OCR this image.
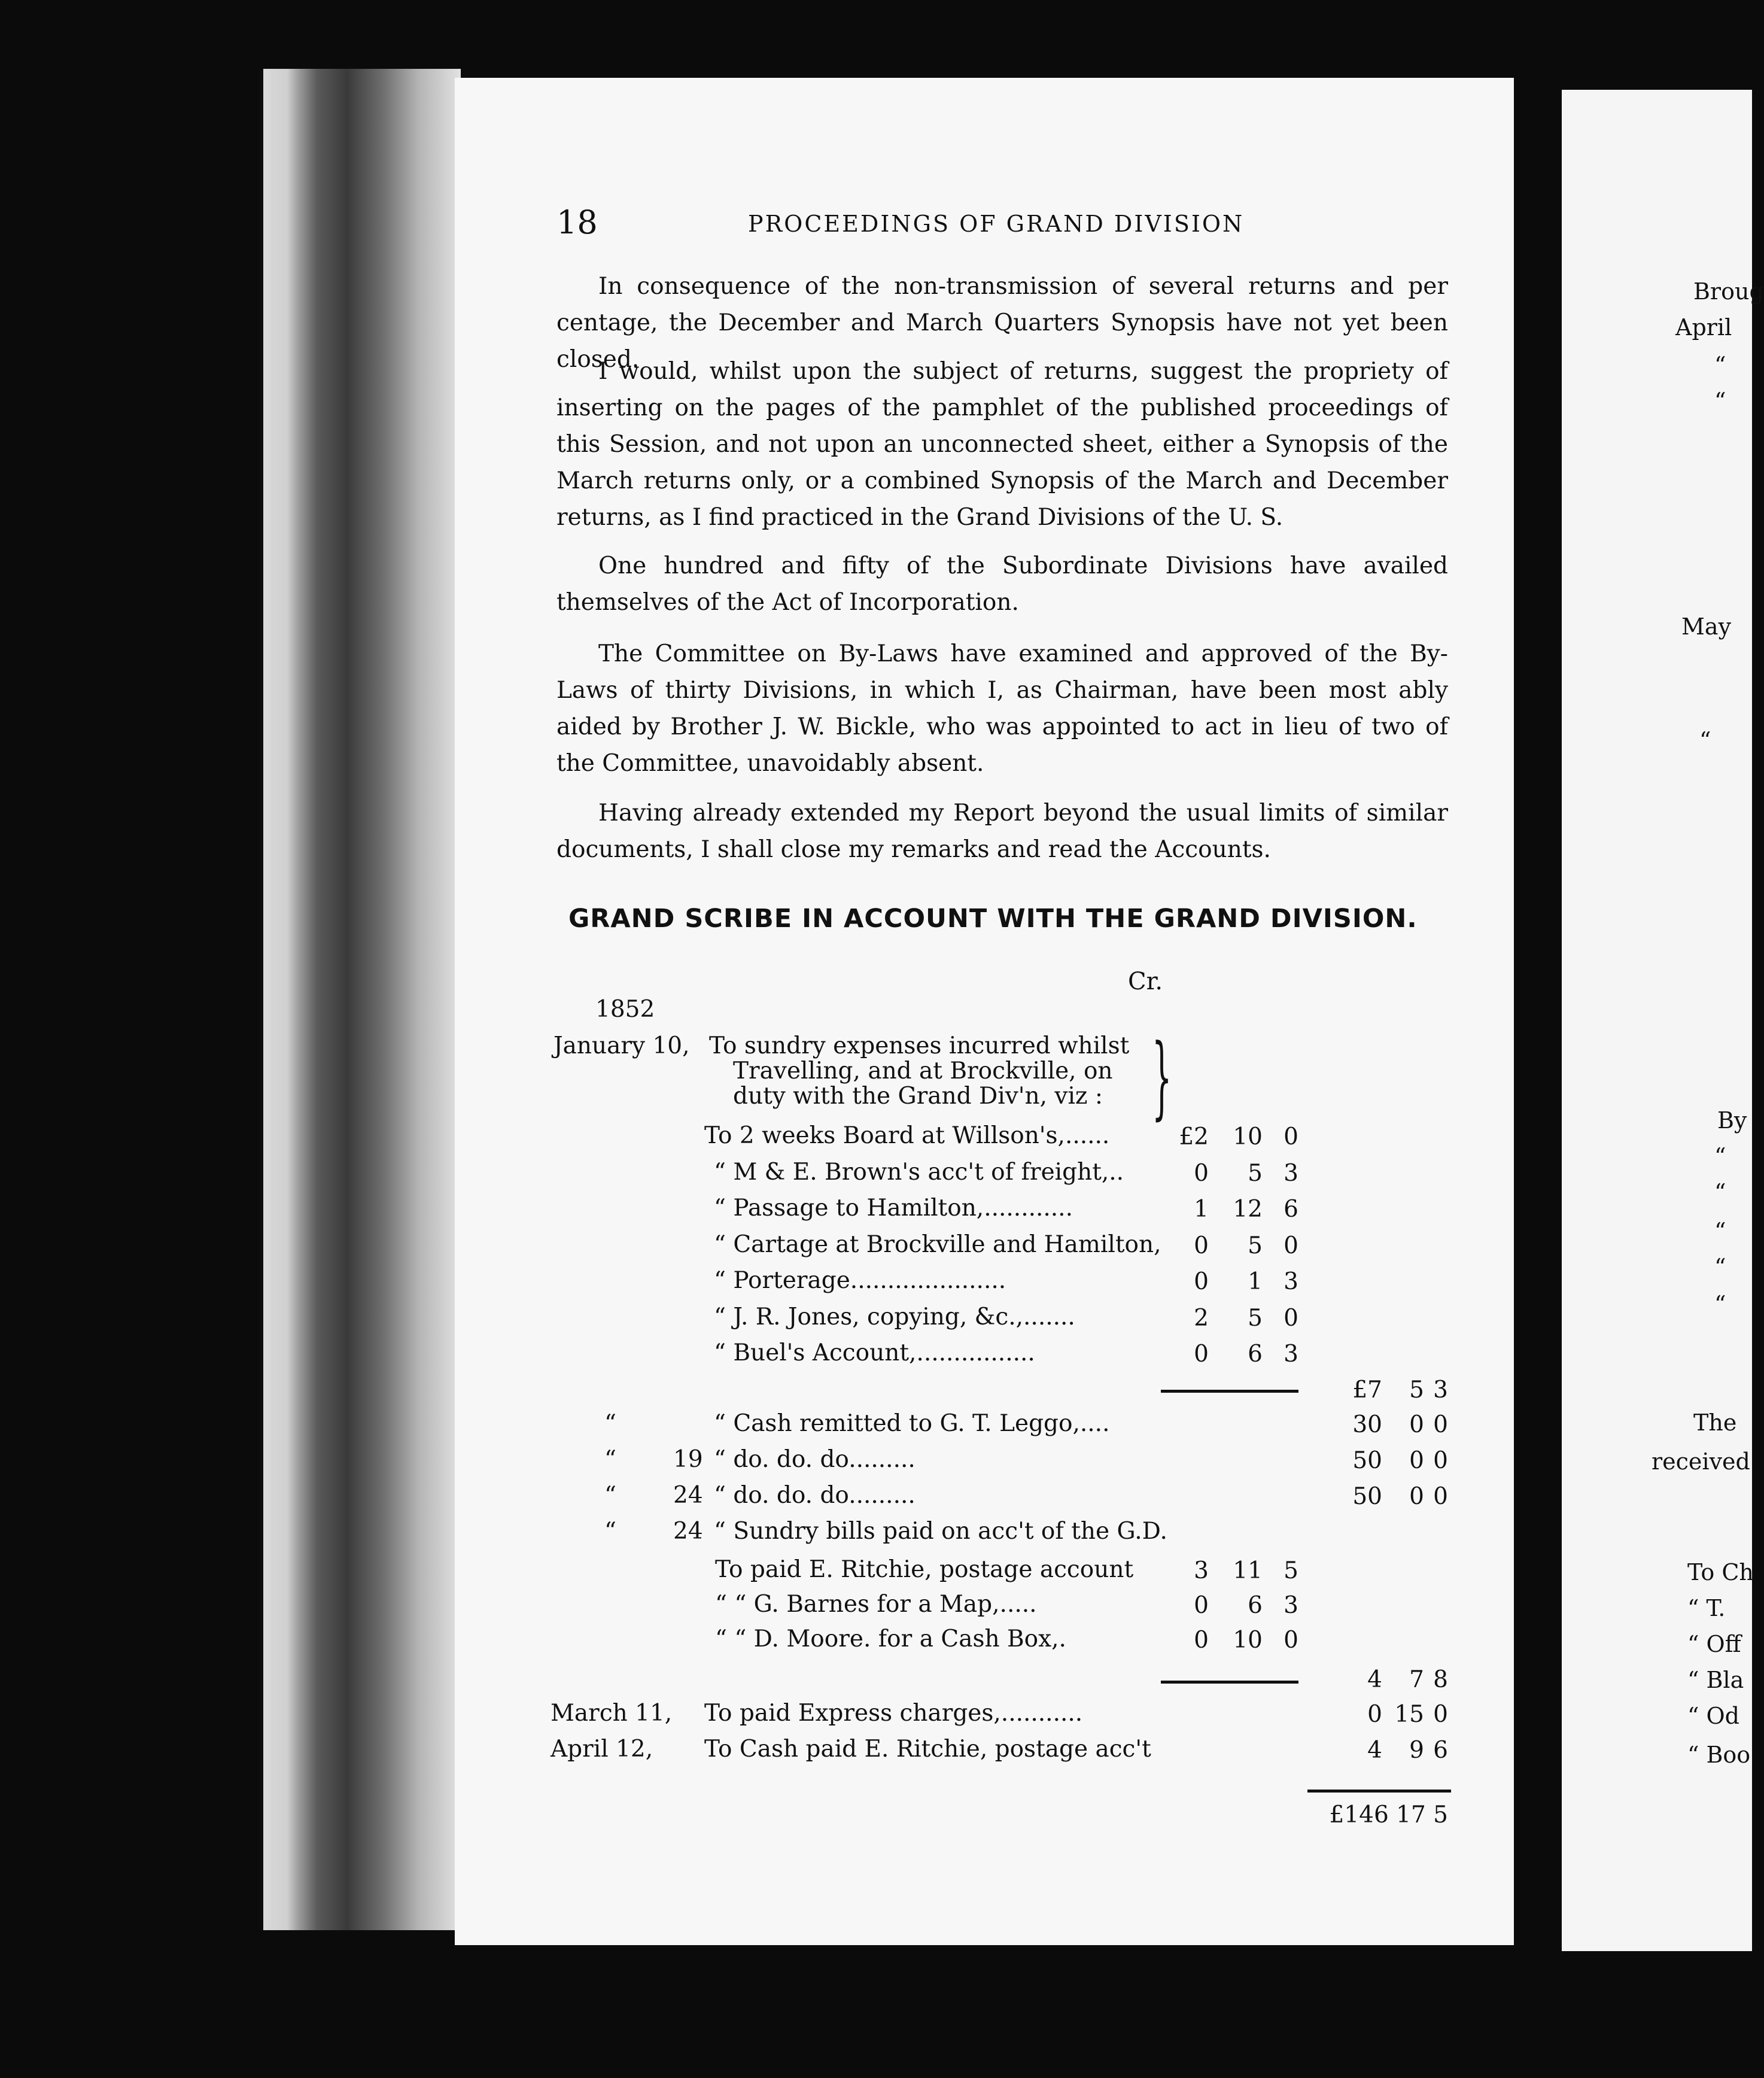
18	PROCEEDINGS OF GRAND DIVISION
In consequence of the non-transmission of several returns and per centage, the December and March Quarters Synopsis have not yet been closed.
I would, whilst upon the subject of returns, suggest the propriety of inserting on the pages of the pamphlet of the published proceedings of this Session, and not upon an unconnected sheet, either a Synopsis of the March returns only, or a combined Synopsis of the March and December returns, as I find practiced in the Grand Divisions of the U. S.
One hundred and fifty of the Subordinate Divisions have availed themselves of the Act of Incorporation.
The Committee on By-Laws have examined and approved of the By-Laws of thirty Divisions, in which I, as Chairman, have been most ably aided by Brother J. W. Bickle, who was appointed to act in lieu of two of the Committee, unavoidably absent.
Having already extended my Report beyond the usual limits of similar documents, I shall close my remarks and read the Accounts.
GRAND SCRIBE IN ACCOUNT WITH THE GRAND DIVISION.
Cr.
1852
January 10, To sundry expenses incurred whilst
Travelling, and at Brockville, on
duty with the Grand Div'n, viz : }
To 2 weeks Board at Willson's,......	£2	10 0
“ M & E. Brown's acc't of freight,..	0	5 3
“ Passage to Hamilton,............	1	12 6
“ Cartage at Brockville and Hamilton,	0	5 0
“ Porterage.....................	0	1 3
“ J. R. Jones, copying, &c.,.......	2	5 0
“ Buel's Account,................	0	6 3
£7	5 3
“	“ Cash remitted to G. T. Leggo,....	30	0 0
“ 19 “ do. do. do.........	50	0 0
“ 24 “ do. do. do.........	50	0 0
“ 24 “ Sundry bills paid on acc't of the G.D.
To paid E. Ritchie, postage account	3	11 5
“ “ G. Barnes for a Map,.....	0	6 3
“ “ D. Moore. for a Cash Box,.	0	10 0
4	7 8
March 11, To paid Express charges,...........	0 15 0
April 12, To Cash paid E. Ritchie, postage acc't	4	9 6
£146 17 5
Broug
April
“
“
May
“
By
“
“
“
“
“
The
received
To Ch
“ T.
“ Off
“ Bla
“ Od
“ Boo
